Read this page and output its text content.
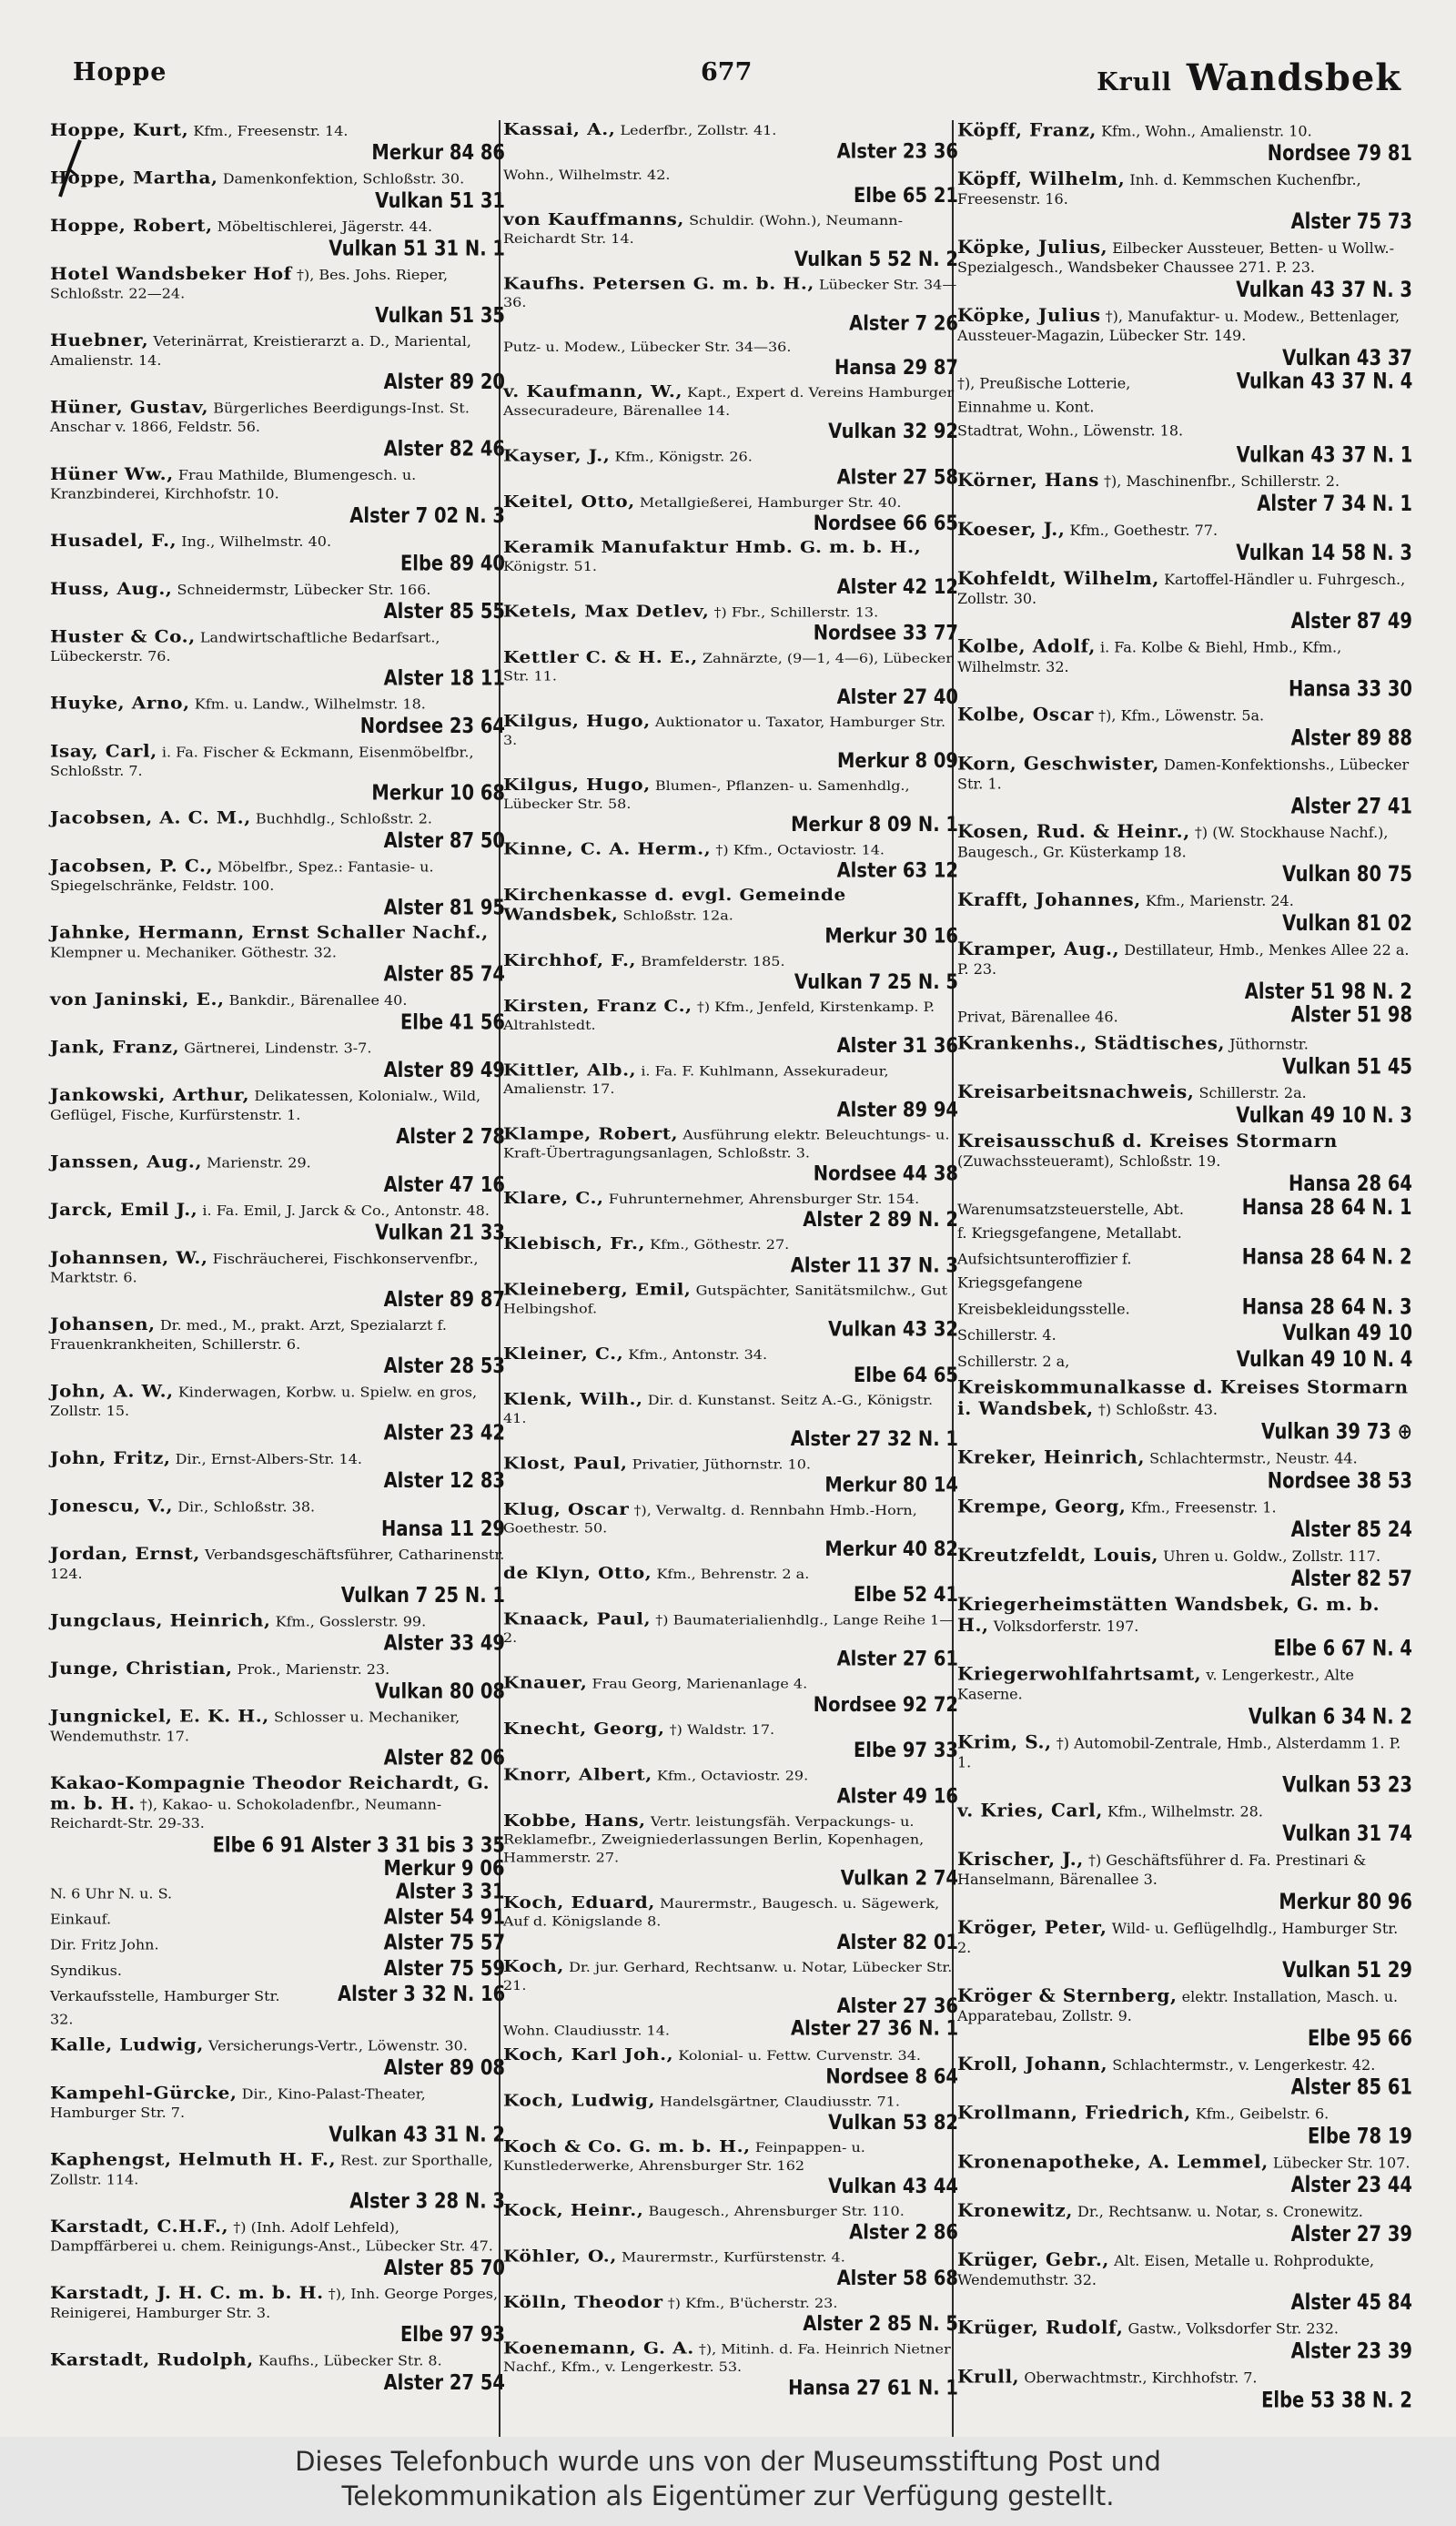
Hoppe	677	Krull Wandsbek
Hoppe, Kurt, Kfm., Freesenstr. 14.
Merkur 84 86
Hoppe, Martha, Damenkonfektion, Schloßstr. 30.
Vulkan 51 31
Hoppe, Robert, Möbeltischlerei, Jägerstr. 44.
Vulkan 51 31 N. 1
Hotel Wandsbeker Hof †), Bes. Johs. Rieper, Schloßstr. 22—24.
Vulkan 51 35
Huebner, Veterinärrat, Kreistierarzt a. D., Mariental, Amalienstr. 14.
Alster 89 20
Hüner, Gustav, Bürgerliches Beerdigungs-Inst. St. Anschar v. 1866, Feldstr. 56.
Alster 82 46
Hüner Ww., Frau Mathilde, Blumengesch. u. Kranzbinderei, Kirchhofstr. 10.
Alster 7 02 N. 3
Husadel, F., Ing., Wilhelmstr. 40.
Elbe 89 40
Huss, Aug., Schneidermstr, Lübecker Str. 166.
Alster 85 55
Huster & Co., Landwirtschaftliche Bedarfsart., Lübeckerstr. 76.
Alster 18 11
Huyke, Arno, Kfm. u. Landw., Wilhelmstr. 18.
Nordsee 23 64
Isay, Carl, i. Fa. Fischer & Eckmann, Eisenmöbelfbr., Schloßstr. 7.
Merkur 10 68
Jacobsen, A. C. M., Buchhdlg., Schloßstr. 2.
Alster 87 50
Jacobsen, P. C., Möbelfbr., Spez.: Fantasie- u. Spiegelschränke, Feldstr. 100.
Alster 81 95
Jahnke, Hermann, Ernst Schaller Nachf., Klempner u. Mechaniker. Göthestr. 32.
Alster 85 74
von Janinski, E., Bankdir., Bärenallee 40.
Elbe 41 56
Jank, Franz, Gärtnerei, Lindenstr. 3-7.
Alster 89 49
Jankowski, Arthur, Delikatessen, Kolonialw., Wild, Geflügel, Fische, Kurfürstenstr. 1.
Alster 2 78
Janssen, Aug., Marienstr. 29.
Alster 47 16
Jarck, Emil J., i. Fa. Emil, J. Jarck & Co., Antonstr. 48.
Vulkan 21 33
Johannsen, W., Fischräucherei, Fischkonservenfbr., Marktstr. 6.
Alster 89 87
Johansen, Dr. med., M., prakt. Arzt, Spezialarzt f. Frauenkrankheiten, Schillerstr. 6.
Alster 28 53
John, A. W., Kinderwagen, Korbw. u. Spielw. en gros, Zollstr. 15.
Alster 23 42
John, Fritz, Dir., Ernst-Albers-Str. 14.
Alster 12 83
Jonescu, V., Dir., Schloßstr. 38.
Hansa 11 29
Jordan, Ernst, Verbandsgeschäftsführer, Catharinenstr. 124.
Vulkan 7 25 N. 1
Jungclaus, Heinrich, Kfm., Gosslerstr. 99.
Alster 33 49
Junge, Christian, Prok., Marienstr. 23.
Vulkan 80 08
Jungnickel, E. K. H., Schlosser u. Mechaniker, Wendemuthstr. 17.
Alster 82 06
Kakao-Kompagnie Theodor Reichardt, G. m. b. H. †), Kakao- u. Schokoladenfbr., Neumann-Reichardt-Str. 29-33.
Elbe 6 91 Alster 3 31 bis 3 35
Merkur 9 06
N. 6 Uhr N. u. S.	Alster 3 31
Einkauf.	Alster 54 91
Dir. Fritz John.	Alster 75 57
Syndikus.	Alster 75 59
Verkaufsstelle, Hamburger Str. 32.
Alster 3 32 N. 16
Kalle, Ludwig, Versicherungs-Vertr., Löwenstr. 30.
Alster 89 08
Kampehl-Gürcke, Dir., Kino-Palast-Theater, Hamburger Str. 7.
Vulkan 43 31 N. 2
Kaphengst, Helmuth H. F., Rest. zur Sporthalle, Zollstr. 114.
Alster 3 28 N. 3
Karstadt, C.H.F., †) (Inh. Adolf Lehfeld), Dampffärberei u. chem. Reinigungs-Anst., Lübecker Str. 47.
Alster 85 70
Karstadt, J. H. C. m. b. H. †), Inh. George Porges, Reinigerei, Hamburger Str. 3.
Elbe 97 93
Karstadt, Rudolph, Kaufhs., Lübecker Str. 8.
Alster 27 54
Kassai, A., Lederfbr., Zollstr. 41.
Alster 23 36
Wohn., Wilhelmstr. 42.
Elbe 65 21
von Kauffmanns, Schuldir. (Wohn.), Neumann-Reichardt Str. 14.
Vulkan 5 52 N. 2
Kaufhs. Petersen G. m. b. H., Lübecker Str. 34—36.
Alster 7 26
Putz- u. Modew., Lübecker Str. 34—36.
Hansa 29 87
v. Kaufmann, W., Kapt., Expert d. Vereins Hamburger Assecuradeure, Bärenallee 14.
Vulkan 32 92
Kayser, J., Kfm., Königstr. 26.
Alster 27 58
Keitel, Otto, Metallgießerei, Hamburger Str. 40.
Nordsee 66 65
Keramik Manufaktur Hmb. G. m. b. H., Königstr. 51.
Alster 42 12
Ketels, Max Detlev, †) Fbr., Schillerstr. 13.
Nordsee 33 77
Kettler C. & H. E., Zahnärzte, (9—1, 4—6), Lübecker Str. 11.
Alster 27 40
Kilgus, Hugo, Auktionator u. Taxator, Hamburger Str. 3.
Merkur 8 09
Kilgus, Hugo, Blumen-, Pflanzen- u. Samenhdlg., Lübecker Str. 58.
Merkur 8 09 N. 1
Kinne, C. A. Herm., †) Kfm., Octaviostr. 14.
Alster 63 12
Kirchenkasse d. evgl. Gemeinde Wandsbek, Schloßstr. 12a.
Merkur 30 16
Kirchhof, F., Bramfelderstr. 185.
Vulkan 7 25 N. 5
Kirsten, Franz C., †) Kfm., Jenfeld, Kirstenkamp. P. Altrahlstedt.
Alster 31 36
Kittler, Alb., i. Fa. F. Kuhlmann, Assekuradeur, Amalienstr. 17.
Alster 89 94
Klampe, Robert, Ausführung elektr. Beleuchtungs- u. Kraft-Übertragungsanlagen, Schloßstr. 3.
Nordsee 44 38
Klare, C., Fuhrunternehmer, Ahrensburger Str. 154.
Alster 2 89 N. 2
Klebisch, Fr., Kfm., Göthestr. 27.
Alster 11 37 N. 3
Kleineberg, Emil, Gutspächter, Sanitätsmilchw., Gut Helbingshof.
Vulkan 43 32
Kleiner, C., Kfm., Antonstr. 34.
Elbe 64 65
Klenk, Wilh., Dir. d. Kunstanst. Seitz A.-G., Königstr. 41.
Alster 27 32 N. 1
Klost, Paul, Privatier, Jüthornstr. 10.
Merkur 80 14
Klug, Oscar †), Verwaltg. d. Rennbahn Hmb.-Horn, Goethestr. 50.
Merkur 40 82
de Klyn, Otto, Kfm., Behrenstr. 2 a.
Elbe 52 41
Knaack, Paul, †) Baumaterialienhdlg., Lange Reihe 1—2.
Alster 27 61
Knauer, Frau Georg, Marienanlage 4.
Nordsee 92 72
Knecht, Georg, †) Waldstr. 17.
Elbe 97 33
Knorr, Albert, Kfm., Octaviostr. 29.
Alster 49 16
Kobbe, Hans, Vertr. leistungsfäh. Verpackungs- u. Reklamefbr., Zweigniederlassungen Berlin, Kopenhagen, Hammerstr. 27.
Vulkan 2 74
Koch, Eduard, Maurermstr., Baugesch. u. Sägewerk, Auf d. Königslande 8.
Alster 82 01
Koch, Dr. jur. Gerhard, Rechtsanw. u. Notar, Lübecker Str. 21.
Alster 27 36
Wohn. Claudiusstr. 14.	Alster 27 36 N. 1
Koch, Karl Joh., Kolonial- u. Fettw. Curvenstr. 34.
Nordsee 8 64
Koch, Ludwig, Handelsgärtner, Claudiusstr. 71.
Vulkan 53 82
Koch & Co. G. m. b. H., Feinpappen- u. Kunstlederwerke, Ahrensburger Str. 162
Vulkan 43 44
Kock, Heinr., Baugesch., Ahrensburger Str. 110.
Alster 2 86
Köhler, O., Maurermstr., Kurfürstenstr. 4.
Alster 58 68
Kölln, Theodor †) Kfm., B'ücherstr. 23.
Alster 2 85 N. 5
Koenemann, G. A. †), Mitinh. d. Fa. Heinrich Nietner Nachf., Kfm., v. Lengerkestr. 53.
Hansa 27 61 N. 1
Köpff, Franz, Kfm., Wohn., Amalienstr. 10.
Nordsee 79 81
Köpff, Wilhelm, Inh. d. Kemmschen Kuchenfbr., Freesenstr. 16.
Alster 75 73
Köpke, Julius, Eilbecker Aussteuer, Betten- u Wollw.-Spezialgesch., Wandsbeker Chaussee 271. P. 23.
Vulkan 43 37 N. 3
Köpke, Julius †), Manufaktur- u. Modew., Bettenlager, Aussteuer-Magazin, Lübecker Str. 149.
Vulkan 43 37
†), Preußische Lotterie, Einnahme u. Kont.
Vulkan 43 37 N. 4
Stadtrat, Wohn., Löwenstr. 18.
Vulkan 43 37 N. 1
Körner, Hans †), Maschinenfbr., Schillerstr. 2.
Alster 7 34 N. 1
Koeser, J., Kfm., Goethestr. 77.
Vulkan 14 58 N. 3
Kohfeldt, Wilhelm, Kartoffel-Händler u. Fuhrgesch., Zollstr. 30.
Alster 87 49
Kolbe, Adolf, i. Fa. Kolbe & Biehl, Hmb., Kfm., Wilhelmstr. 32.
Hansa 33 30
Kolbe, Oscar †), Kfm., Löwenstr. 5a.
Alster 89 88
Korn, Geschwister, Damen-Konfektionshs., Lübecker Str. 1.
Alster 27 41
Kosen, Rud. & Heinr., †) (W. Stockhause Nachf.), Baugesch., Gr. Küsterkamp 18.
Vulkan 80 75
Krafft, Johannes, Kfm., Marienstr. 24.
Vulkan 81 02
Kramper, Aug., Destillateur, Hmb., Menkes Allee 22 a. P. 23.
Alster 51 98 N. 2
Privat, Bärenallee 46.	Alster 51 98
Krankenhs., Städtisches, Jüthornstr.
Vulkan 51 45
Kreisarbeitsnachweis, Schillerstr. 2a.
Vulkan 49 10 N. 3
Kreisausschuß d. Kreises Stormarn (Zuwachssteueramt), Schloßstr. 19.
Hansa 28 64
Warenumsatzsteuerstelle, Abt. f. Kriegsgefangene, Metallabt.
Hansa 28 64 N. 1
Aufsichtsunteroffizier f. Kriegsgefangene
Hansa 28 64 N. 2
Kreisbekleidungsstelle.	Hansa 28 64 N. 3
Schillerstr. 4.	Vulkan 49 10
Schillerstr. 2 a,	Vulkan 49 10 N. 4
Kreiskommunalkasse d. Kreises Stormarn i. Wandsbek, †) Schloßstr. 43.
Vulkan 39 73 ⊕
Kreker, Heinrich, Schlachtermstr., Neustr. 44.
Nordsee 38 53
Krempe, Georg, Kfm., Freesenstr. 1.
Alster 85 24
Kreutzfeldt, Louis, Uhren u. Goldw., Zollstr. 117.
Alster 82 57
Kriegerheimstätten Wandsbek, G. m. b. H., Volksdorferstr. 197.
Elbe 6 67 N. 4
Kriegerwohlfahrtsamt, v. Lengerkestr., Alte Kaserne.
Vulkan 6 34 N. 2
Krim, S., †) Automobil-Zentrale, Hmb., Alsterdamm 1. P. 1.
Vulkan 53 23
v. Kries, Carl, Kfm., Wilhelmstr. 28.
Vulkan 31 74
Krischer, J., †) Geschäftsführer d. Fa. Prestinari & Hanselmann, Bärenallee 3.
Merkur 80 96
Kröger, Peter, Wild- u. Geflügelhdlg., Hamburger Str. 2.
Vulkan 51 29
Kröger & Sternberg, elektr. Installation, Masch. u. Apparatebau, Zollstr. 9.
Elbe 95 66
Kroll, Johann, Schlachtermstr., v. Lengerkestr. 42.
Alster 85 61
Krollmann, Friedrich, Kfm., Geibelstr. 6.
Elbe 78 19
Kronenapotheke, A. Lemmel, Lübecker Str. 107.
Alster 23 44
Kronewitz, Dr., Rechtsanw. u. Notar, s. Cronewitz.
Alster 27 39
Krüger, Gebr., Alt. Eisen, Metalle u. Rohprodukte, Wendemuthstr. 32.
Alster 45 84
Krüger, Rudolf, Gastw., Volksdorfer Str. 232.
Alster 23 39
Krull, Oberwachtmstr., Kirchhofstr. 7.
Elbe 53 38 N. 2
Dieses Telefonbuch wurde uns von der Museumsstiftung Post und
Telekommunikation als Eigentümer zur Verfügung gestellt.
